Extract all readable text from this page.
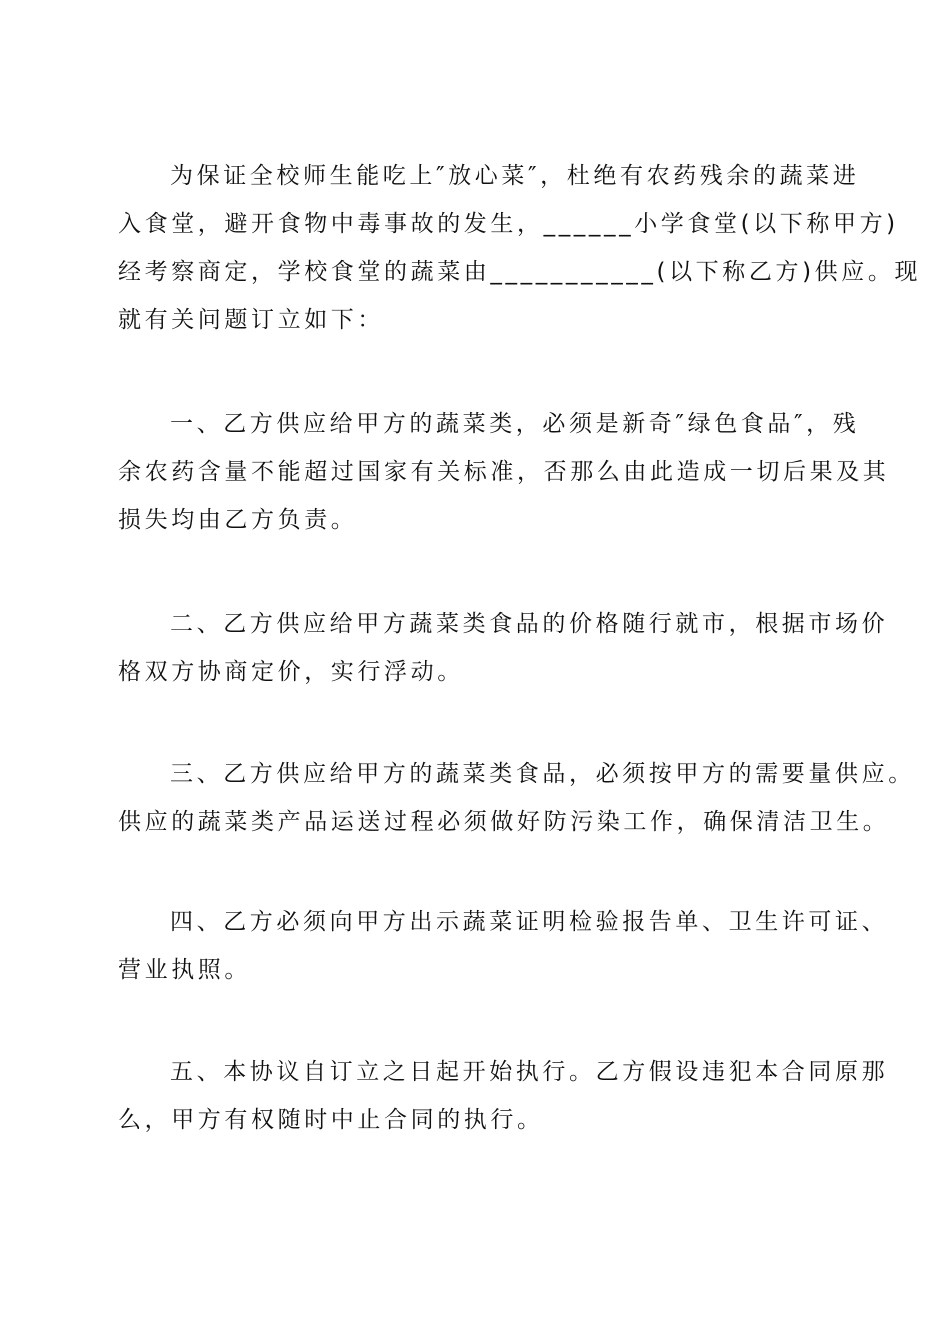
为保证全校师生能吃上″放心菜″，杜绝有农药残余的蔬菜进
入食堂，避开食物中毒事故的发生，______小学食堂(以下称甲方)
经考察商定，学校食堂的蔬菜由___________(以下称乙方)供应。现
就有关问题订立如下：
一、乙方供应给甲方的蔬菜类，必须是新奇″绿色食品″，残
余农药含量不能超过国家有关标准，否那么由此造成一切后果及其
损失均由乙方负责。
二、乙方供应给甲方蔬菜类食品的价格随行就市，根据市场价
格双方协商定价，实行浮动。
三、乙方供应给甲方的蔬菜类食品，必须按甲方的需要量供应。
供应的蔬菜类产品运送过程必须做好防污染工作，确保清洁卫生。
四、乙方必须向甲方出示蔬菜证明检验报告单、卫生许可证、
营业执照。
五、本协议自订立之日起开始执行。乙方假设违犯本合同原那
么，甲方有权随时中止合同的执行。
